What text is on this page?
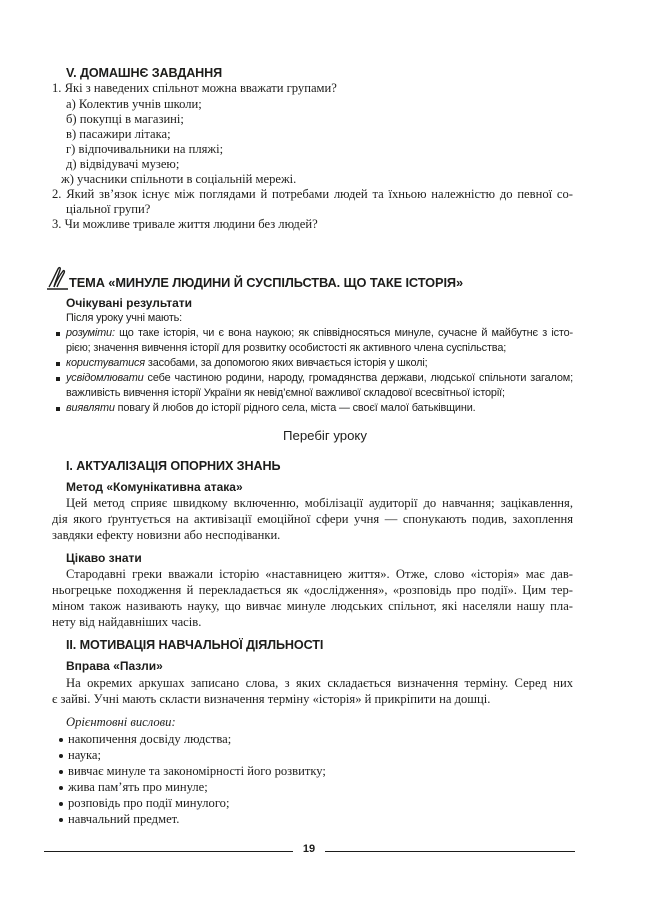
V. ДОМАШНЄ ЗАВДАННЯ
1. Які з наведених спільнот можна вважати групами?
а) Колектив учнів школи;
б) покупці в магазині;
в) пасажири літака;
г) відпочивальники на пляжі;
д) відвідувачі музею;
ж) учасники спільноти в соціальній мережі.
2. Який зв’язок існує між поглядами й потребами людей та їхньою належністю до певної со-
ціальної групи?
3. Чи можливе тривале життя людини без людей?
ТЕМА «МИНУЛЕ ЛЮДИНИ Й СУСПІЛЬСТВА. ЩО ТАКЕ ІСТОРІЯ»
Очікувані результати
Після уроку учні мають:
розуміти: що таке історія, чи є вона наукою; як співвідносяться минуле, сучасне й майбутнє з істо-
рією; значення вивчення історії для розвитку особистості як активного члена суспільства;
користуватися засобами, за допомогою яких вивчається історія у школі;
усвідомлювати себе частиною родини, народу, громадянства держави, людської спільноти загалом;
важливість вивчення історії України як невід’ємної важливої складової всесвітньої історії;
виявляти повагу й любов до історії рідного села, міста — своєї малої батьківщини.
Перебіг уроку
I. АКТУАЛІЗАЦІЯ ОПОРНИХ ЗНАНЬ
Метод «Комунікативна атака»
Цей метод сприяє швидкому включенню, мобілізації аудиторії до навчання; зацікавлення,
дія якого ґрунтується на активізації емоційної сфери учня — спонукають подив, захоплення
завдяки ефекту новизни або несподіванки.
Цікаво знати
Стародавні греки вважали історію «наставницею життя». Отже, слово «історія» має дав-
ньогрецьке походження й перекладається як «дослідження», «розповідь про події». Цим тер-
міном також називають науку, що вивчає минуле людських спільнот, які населяли нашу пла-
нету від найдавніших часів.
II. МОТИВАЦІЯ НАВЧАЛЬНОЇ ДІЯЛЬНОСТІ
Вправа «Пазли»
На окремих аркушах записано слова, з яких складається визначення терміну. Серед них
є зайві. Учні мають скласти визначення терміну «історія» й прикріпити на дошці.
Орієнтовні вислови:
накопичення досвіду людства;
наука;
вивчає минуле та закономірності його розвитку;
жива пам’ять про минуле;
розповідь про події минулого;
навчальний предмет.
19
